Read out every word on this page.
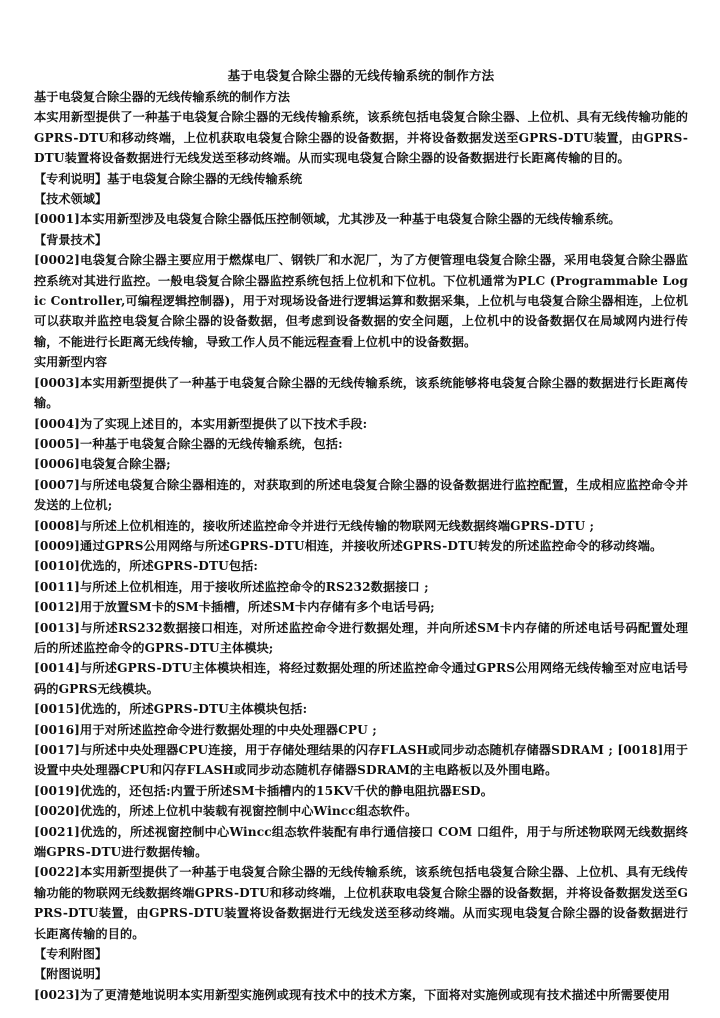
基于电袋复合除尘器的无线传输系统的制作方法
基于电袋复合除尘器的无线传输系统的制作方法

本实用新型提供了一种基于电袋复合除尘器的无线传输系统，该系统包括电袋复合除尘器、上位机、具有无线传输功能的GPRS-DTU和移动终端，上位机获取电袋复合除尘器的设备数据，并将设备数据发送至GPRS-DTU装置，由GPRS-DTU装置将设备数据进行无线发送至移动终端。从而实现电袋复合除尘器的设备数据进行长距离传输的目的。

【专利说明】基于电袋复合除尘器的无线传输系统
【技术领域】

[0001]本实用新型涉及电袋复合除尘器低压控制领域，尤其涉及一种基于电袋复合除尘器的无线传输系统。

【背景技术】

[0002]电袋复合除尘器主要应用于燃煤电厂、钢铁厂和水泥厂，为了方便管理电袋复合除尘器，采用电袋复合除尘器监控系统对其进行监控。一般电袋复合除尘器监控系统包括上位机和下位机。下位机通常为PLC (Programmable Logic Controller,可编程逻辑控制器)，用于对现场设备进行逻辑运算和数据采集，上位机与电袋复合除尘器相连，上位机可以获取并监控电袋复合除尘器的设备数据，但考虑到设备数据的安全问题，上位机中的设备数据仅在局域网内进行传输，不能进行长距离无线传输，导致工作人员不能远程查看上位机中的设备数据。

实用新型内容

[0003]本实用新型提供了一种基于电袋复合除尘器的无线传输系统，该系统能够将电袋复合除尘器的数据进行长距离传输。

[0004]为了实现上述目的，本实用新型提供了以下技术手段:

[0005]一种基于电袋复合除尘器的无线传输系统，包括:

[0006]电袋复合除尘器;

[0007]与所述电袋复合除尘器相连的，对获取到的所述电袋复合除尘器的设备数据进行监控配置，生成相应监控命令并发送的上位机;

[0008]与所述上位机相连的，接收所述监控命令并进行无线传输的物联网无线数据终端GPRS-DTU ;

[0009]通过GPRS公用网络与所述GPRS-DTU相连，并接收所述GPRS-DTU转发的所述监控命令的移动终端。

[0010]优选的，所述GPRS-DTU包括:

[0011]与所述上位机相连，用于接收所述监控命令的RS232数据接口 ;

[0012]用于放置SM卡的SM卡插槽，所述SM卡内存储有多个电话号码;

[0013]与所述RS232数据接口相连，对所述监控命令进行数据处理，并向所述SM卡内存储的所述电话号码配置处理后的所述监控命令的GPRS-DTU主体模块;

[0014]与所述GPRS-DTU主体模块相连，将经过数据处理的所述监控命令通过GPRS公用网络无线传输至对应电话号码的GPRS无线模块。

[0015]优选的，所述GPRS-DTU主体模块包括:

[0016]用于对所述监控命令进行数据处理的中央处理器CPU ;

[0017]与所述中央处理器CPU连接，用于存储处理结果的闪存FLASH或同步动态随机存储器SDRAM ; [0018]用于设置中央处理器CPU和闪存FLASH或同步动态随机存储器SDRAM的主电路板以及外围电路。

[0019]优选的，还包括:内置于所述SM卡插槽内的15KV千伏的静电阻抗器ESD。

[0020]优选的，所述上位机中装载有视窗控制中心Wincc组态软件。

[0021]优选的，所述视窗控制中心Wincc组态软件装配有串行通信接口 COM 口组件，用于与所述物联网无线数据终端GPRS-DTU进行数据传输。

[0022]本实用新型提供了一种基于电袋复合除尘器的无线传输系统，该系统包括电袋复合除尘器、上位机、具有无线传输功能的物联网无线数据终端GPRS-DTU和移动终端，上位机获取电袋复合除尘器的设备数据，并将设备数据发送至GPRS-DTU装置，由GPRS-DTU装置将设备数据进行无线发送至移动终端。从而实现电袋复合除尘器的设备数据进行长距离传输的目的。

【专利附图】
【附图说明】

[0023]为了更清楚地说明本实用新型实施例或现有技术中的技术方案，下面将对实施例或现有技术描述中所需要使用
